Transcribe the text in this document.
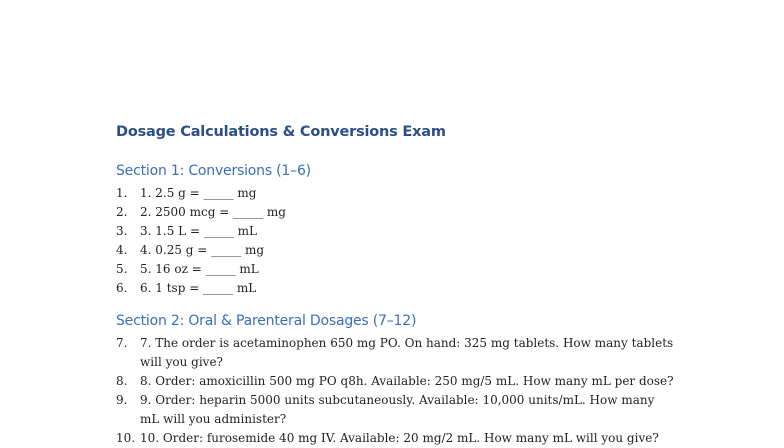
Dosage Calculations & Conversions Exam
Section 1: Conversions (1–6)
1.	1. 2.5 g = _____ mg
2.	2. 2500 mcg = _____ mg
3.	3. 1.5 L = _____ mL
4.	4. 0.25 g = _____ mg
5.	5. 16 oz = _____ mL
6.	6. 1 tsp = _____ mL
Section 2: Oral & Parenteral Dosages (7–12)
7.	7. The order is acetaminophen 650 mg PO. On hand: 325 mg tablets. How many tablets will you give?
8.	8. Order: amoxicillin 500 mg PO q8h. Available: 250 mg/5 mL. How many mL per dose?
9.	9. Order: heparin 5000 units subcutaneously. Available: 10,000 units/mL. How many mL will you administer?
10. 10. Order: furosemide 40 mg IV. Available: 20 mg/2 mL. How many mL will you give?
